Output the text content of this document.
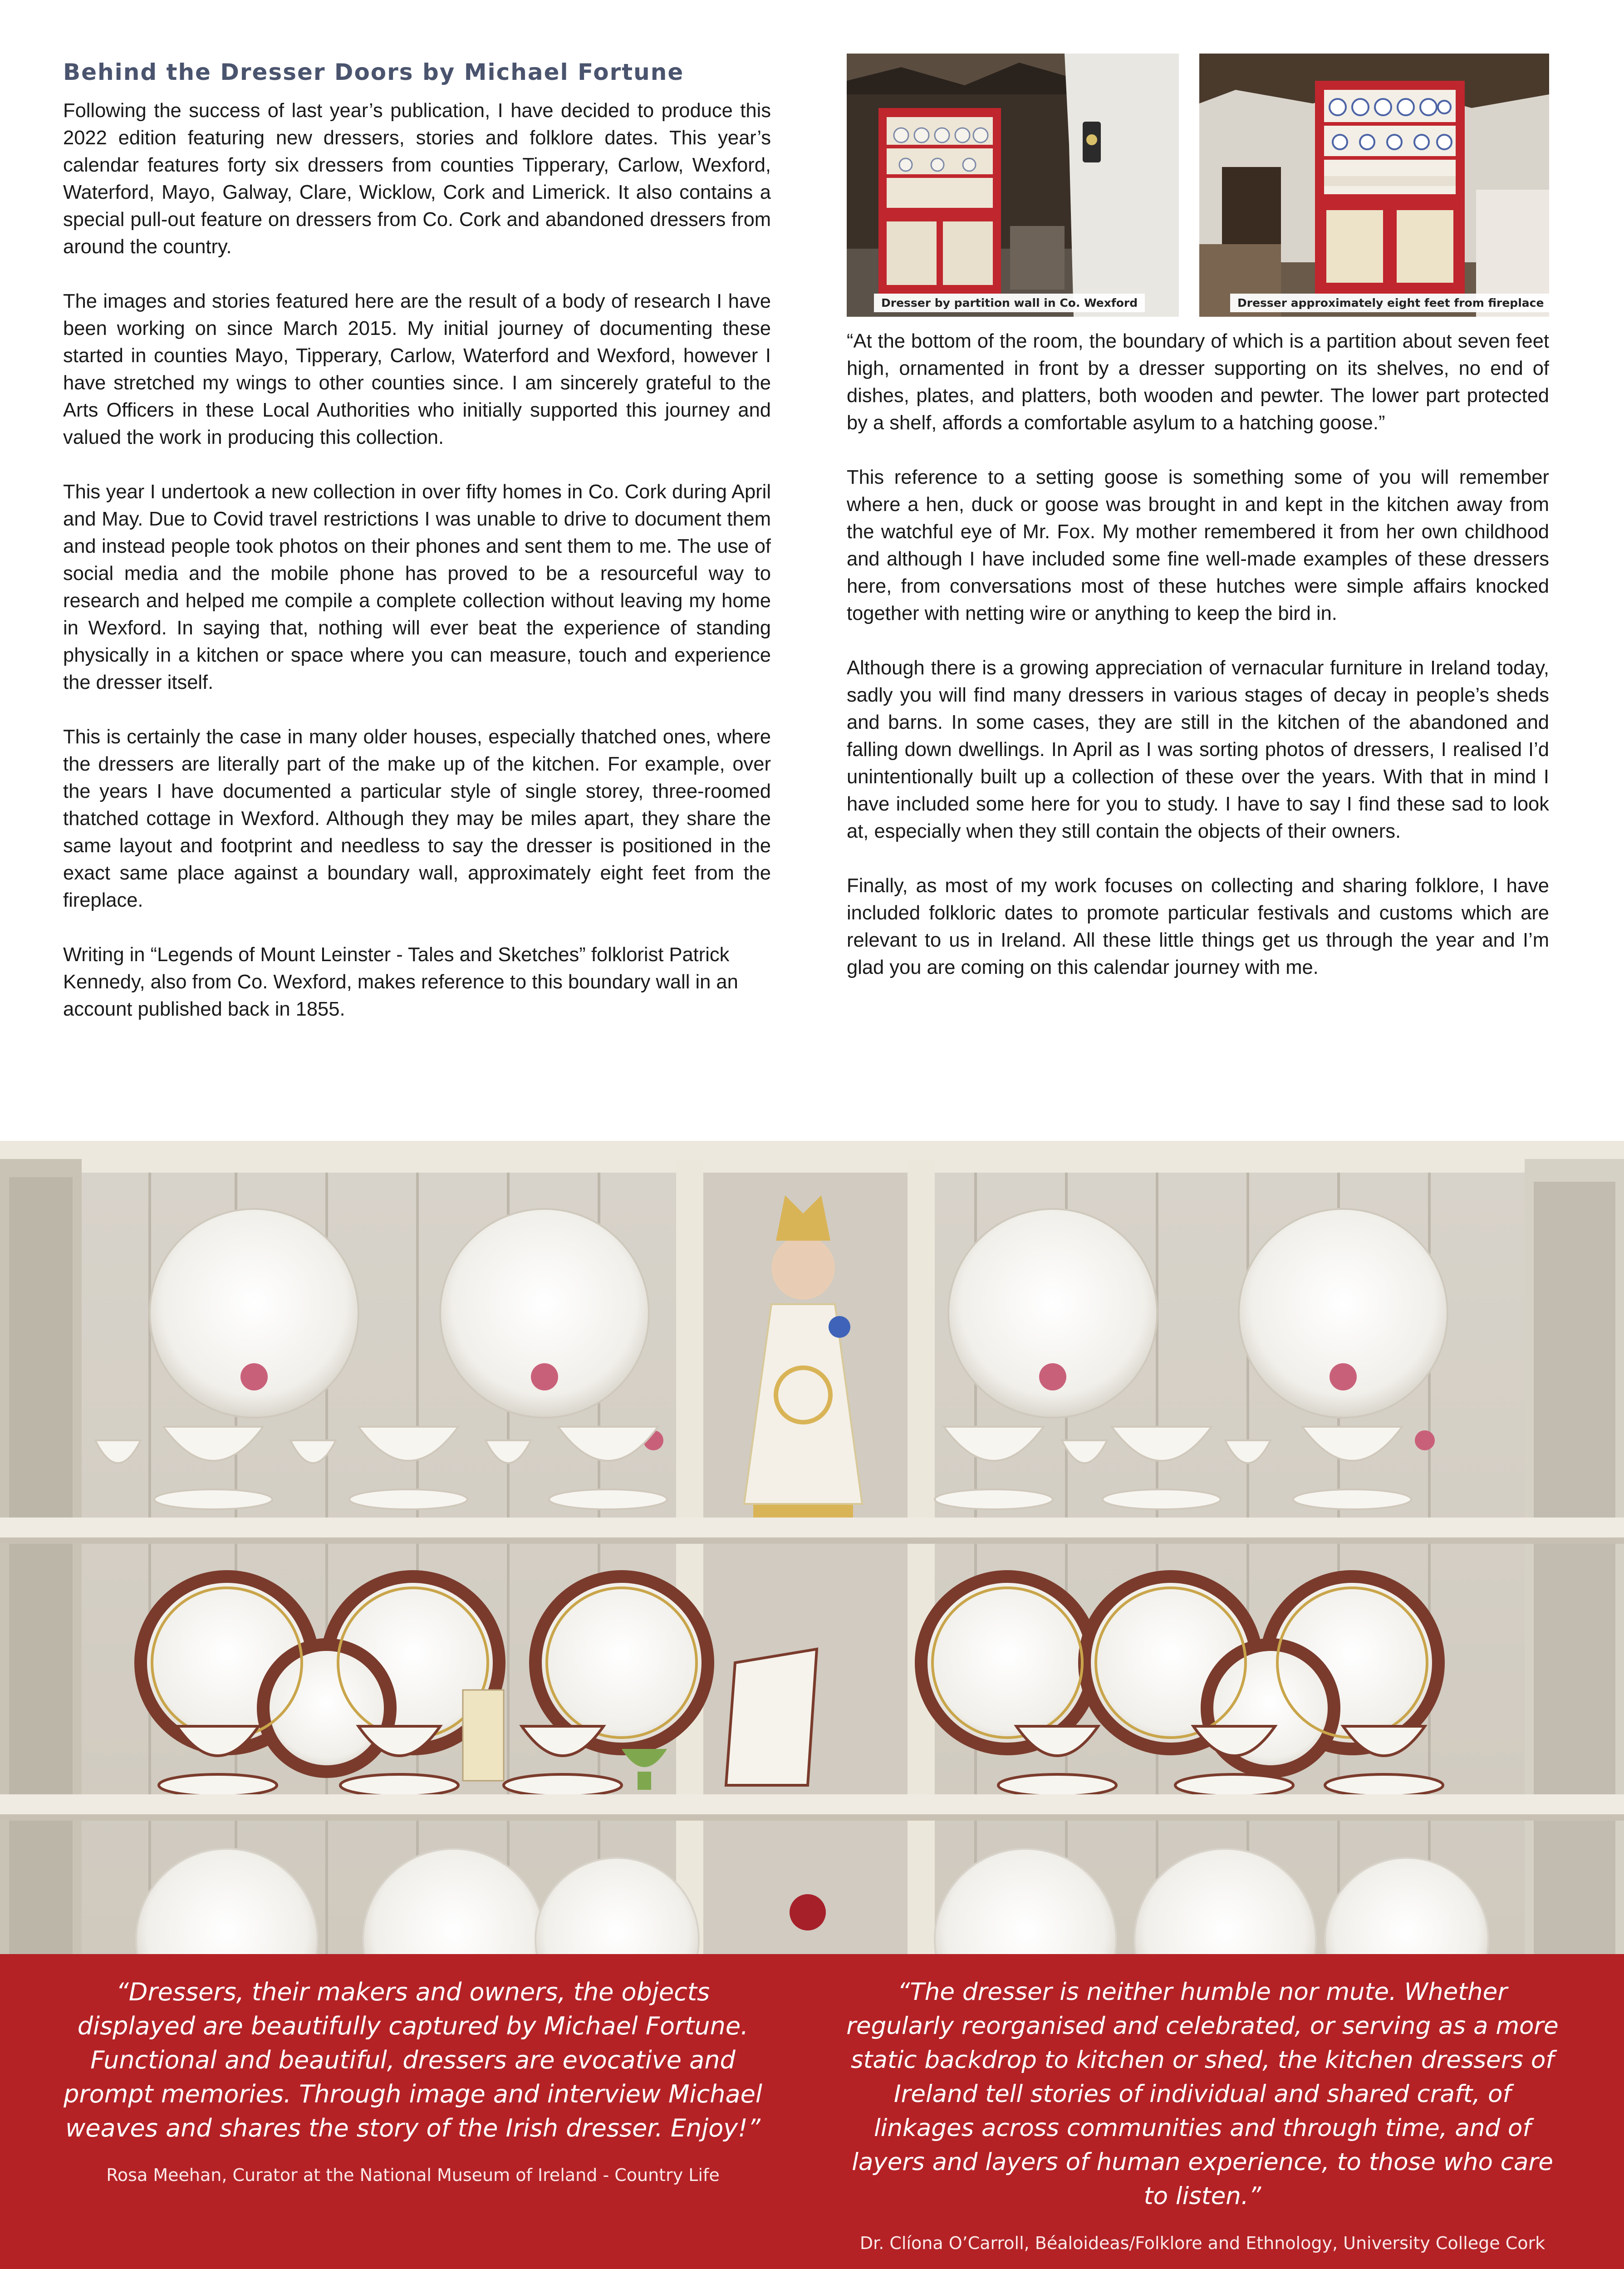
Behind the Dresser Doors by Michael Fortune

Following the success of last year’s publication, I have decided to produce this 2022 edition featuring new dressers, stories and folklore dates. This year’s calendar features forty six dressers from counties Tipperary, Carlow, Wexford, Waterford, Mayo, Galway, Clare, Wicklow, Cork and Limerick. It also contains a special pull-out feature on dressers from Co. Cork and abandoned dressers from around the country.

The images and stories featured here are the result of a body of research I have been working on since March 2015. My initial journey of documenting these started in counties Mayo, Tipperary, Carlow, Waterford and Wexford, however I have stretched my wings to other counties since. I am sincerely grateful to the Arts Officers in these Local Authorities who initially supported this journey and valued the work in producing this collection.

This year I undertook a new collection in over fifty homes in Co. Cork during April and May. Due to Covid travel restrictions I was unable to drive to document them and instead people took photos on their phones and sent them to me. The use of social media and the mobile phone has proved to be a resourceful way to research and helped me compile a complete collection without leaving my home in Wexford. In saying that, nothing will ever beat the experience of standing physically in a kitchen or space where you can measure, touch and experience the dresser itself.

This is certainly the case in many older houses, especially thatched ones, where the dressers are literally part of the make up of the kitchen. For example, over the years I have documented a particular style of single storey, three-roomed thatched cottage in Wexford. Although they may be miles apart, they share the same layout and footprint and needless to say the dresser is positioned in the exact same place against a boundary wall, approximately eight feet from the fireplace.

Writing in “Legends of Mount Leinster - Tales and Sketches” folklorist Patrick Kennedy, also from Co. Wexford, makes reference to this boundary wall in an account published back in 1855.

Dresser by partition wall in Co. Wexford	Dresser approximately eight feet from fireplace

“At the bottom of the room, the boundary of which is a partition about seven feet high, ornamented in front by a dresser supporting on its shelves, no end of dishes, plates, and platters, both wooden and pewter. The lower part protected by a shelf, affords a comfortable asylum to a hatching goose.”

This reference to a setting goose is something some of you will remember where a hen, duck or goose was brought in and kept in the kitchen away from the watchful eye of Mr. Fox. My mother remembered it from her own childhood and although I have included some fine well-made examples of these dressers here, from conversations most of these hutches were simple affairs knocked together with netting wire or anything to keep the bird in.

Although there is a growing appreciation of vernacular furniture in Ireland today, sadly you will find many dressers in various stages of decay in people’s sheds and barns. In some cases, they are still in the kitchen of the abandoned and falling down dwellings. In April as I was sorting photos of dressers, I realised I’d unintentionally built up a collection of these over the years. With that in mind I have included some here for you to study. I have to say I find these sad to look at, especially when they still contain the objects of their owners.

Finally, as most of my work focuses on collecting and sharing folklore, I have included folkloric dates to promote particular festivals and customs which are relevant to us in Ireland. All these little things get us through the year and I’m glad you are coming on this calendar journey with me.

“Dressers, their makers and owners, the objects displayed are beautifully captured by Michael Fortune. Functional and beautiful, dressers are evocative and prompt memories. Through image and interview Michael weaves and shares the story of the Irish dresser. Enjoy!”

Rosa Meehan, Curator at the National Museum of Ireland - Country Life

“The dresser is neither humble nor mute. Whether regularly reorganised and celebrated, or serving as a more static backdrop to kitchen or shed, the kitchen dressers of Ireland tell stories of individual and shared craft, of linkages across communities and through time, and of layers and layers of human experience, to those who care to listen.”

Dr. Clíona O’Carroll, Béaloideas/Folklore and Ethnology, University College Cork
